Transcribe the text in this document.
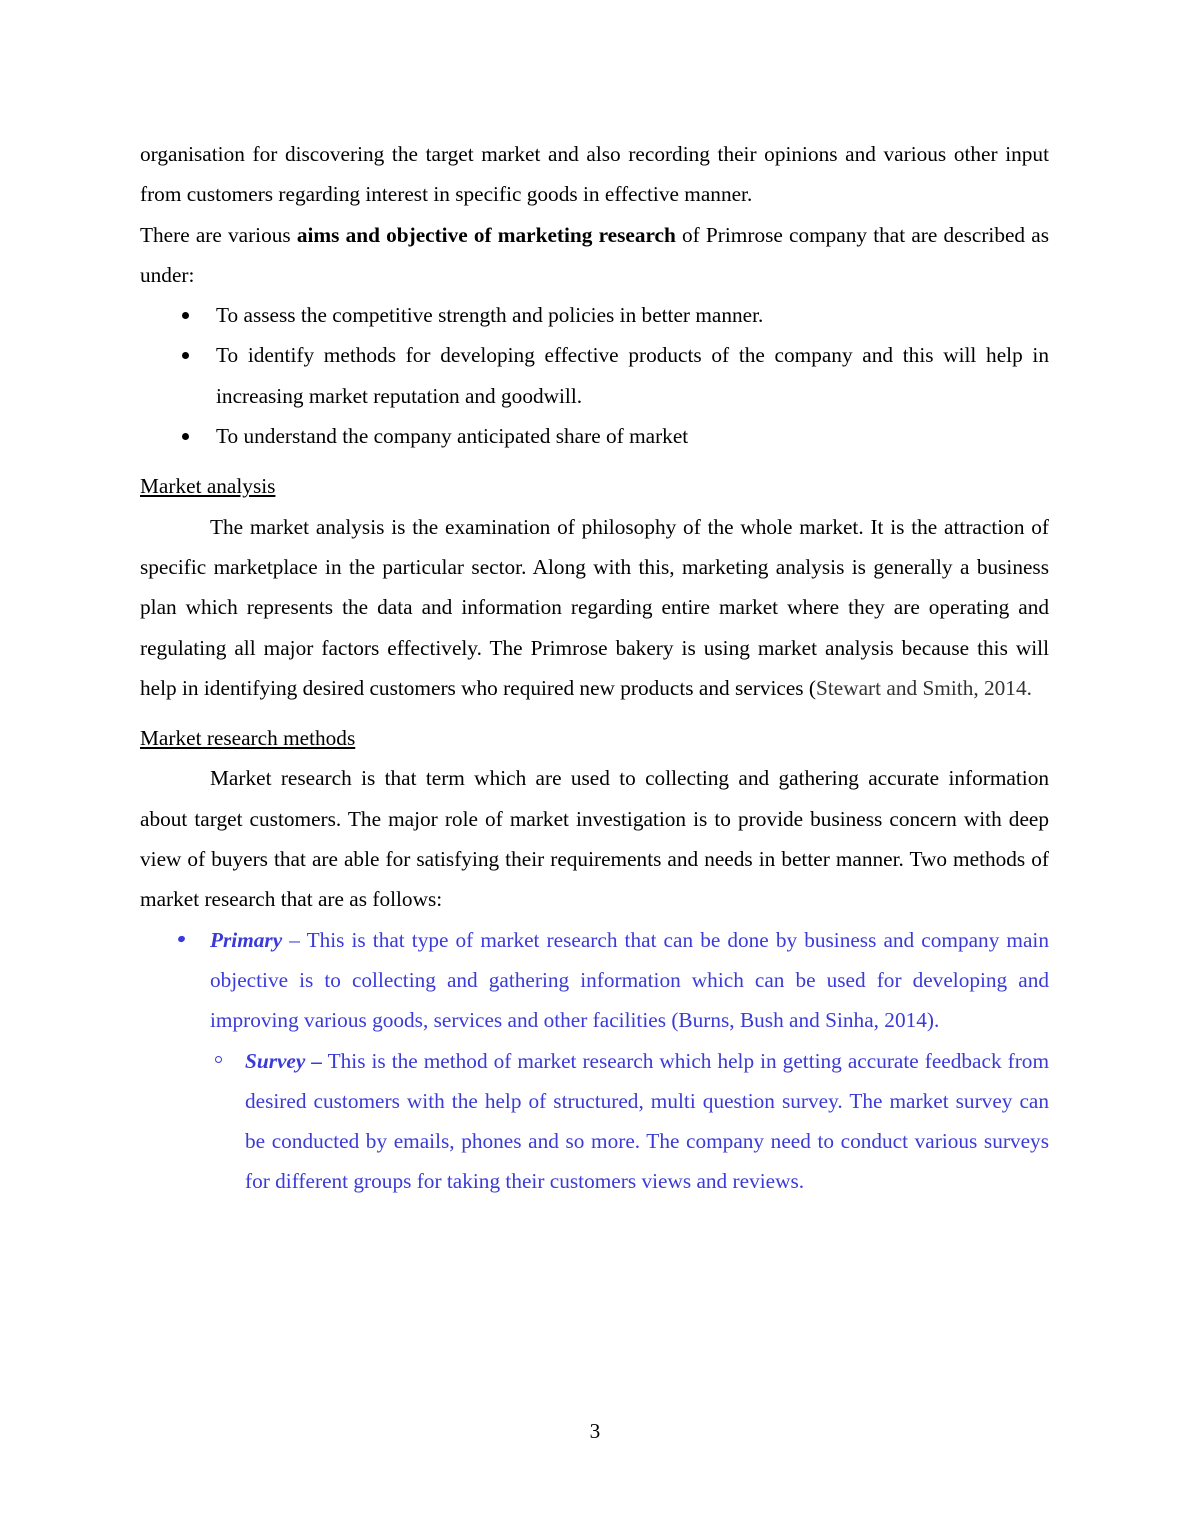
organisation for discovering the target market and also recording their opinions and various other input from customers regarding interest in specific goods in effective manner.

There are various aims and objective of marketing research of Primrose company that are described as under:

To assess the competitive strength and policies in better manner.
To identify methods for developing effective products of the company and this will help in increasing market reputation and goodwill.
To understand the company anticipated share of market

Market analysis

The market analysis is the examination of philosophy of the whole market. It is the attraction of specific marketplace in the particular sector. Along with this, marketing analysis is generally a business plan which represents the data and information regarding entire market where they are operating and regulating all major factors effectively. The Primrose bakery is using market analysis because this will help in identifying desired customers who required new products and services (Stewart and Smith, 2014.

Market research methods

Market research is that term which are used to collecting and gathering accurate information about target customers. The major role of market investigation is to provide business concern with deep view of buyers that are able for satisfying their requirements and needs in better manner. Two methods of market research that are as follows:

Primary – This is that type of market research that can be done by business and company main objective is to collecting and gathering information which can be used for developing and improving various goods, services and other facilities (Burns, Bush and Sinha, 2014).

Survey – This is the method of market research which help in getting accurate feedback from desired customers with the help of structured, multi question survey. The market survey can be conducted by emails, phones and so more. The company need to conduct various surveys for different groups for taking their customers views and reviews.

3
